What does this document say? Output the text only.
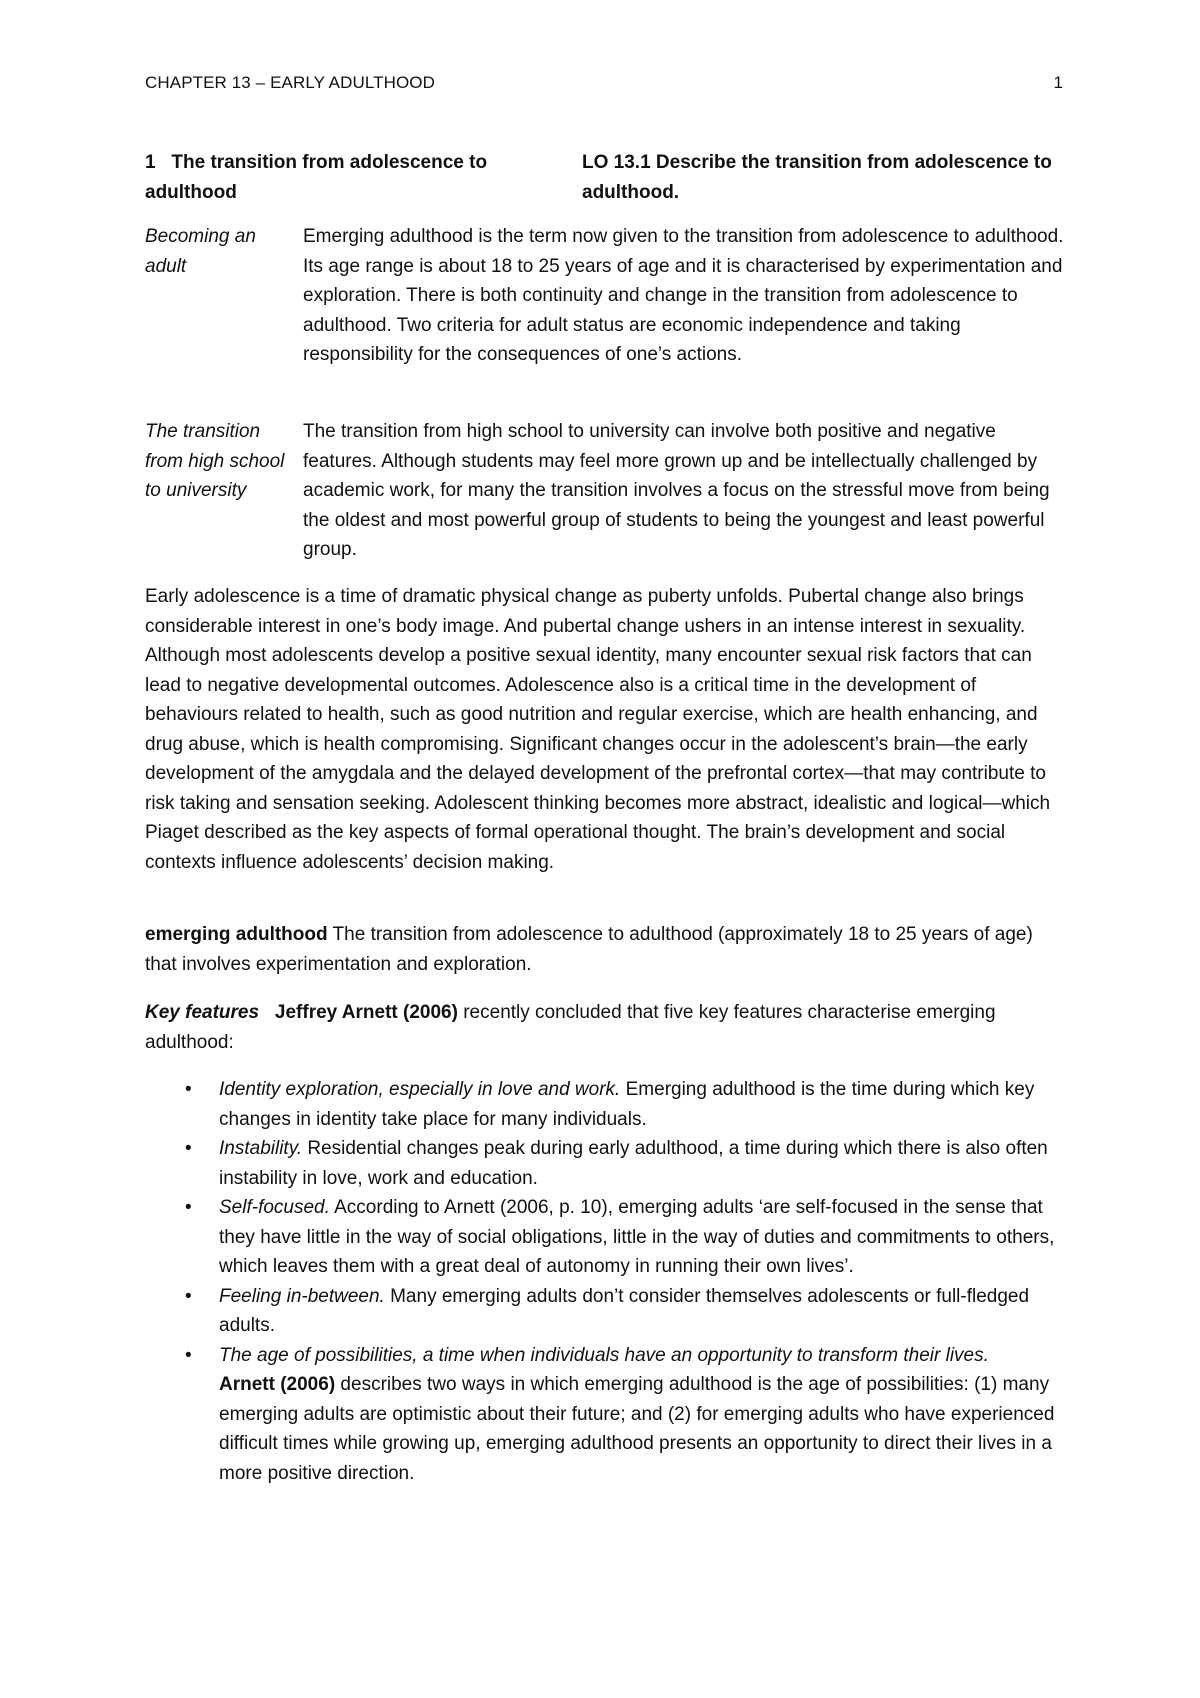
CHAPTER 13 – EARLY ADULTHOOD	1
1   The transition from adolescence to adulthood
LO 13.1 Describe the transition from adolescence to adulthood.
Becoming an adult
Emerging adulthood is the term now given to the transition from adolescence to adulthood. Its age range is about 18 to 25 years of age and it is characterised by experimentation and exploration. There is both continuity and change in the transition from adolescence to adulthood. Two criteria for adult status are economic independence and taking responsibility for the consequences of one’s actions.
The transition from high school to university
The transition from high school to university can involve both positive and negative features. Although students may feel more grown up and be intellectually challenged by academic work, for many the transition involves a focus on the stressful move from being the oldest and most powerful group of students to being the youngest and least powerful group.

Early adolescence is a time of dramatic physical change as puberty unfolds. Pubertal change also brings considerable interest in one’s body image. And pubertal change ushers in an intense interest in sexuality. Although most adolescents develop a positive sexual identity, many encounter sexual risk factors that can lead to negative developmental outcomes. Adolescence also is a critical time in the development of behaviours related to health, such as good nutrition and regular exercise, which are health enhancing, and drug abuse, which is health compromising. Significant changes occur in the adolescent’s brain—the early development of the amygdala and the delayed development of the prefrontal cortex—that may contribute to risk taking and sensation seeking. Adolescent thinking becomes more abstract, idealistic and logical—which Piaget described as the key aspects of formal operational thought. The brain’s development and social contexts influence adolescents’ decision making.

emerging adulthood The transition from adolescence to adulthood (approximately 18 to 25 years of age) that involves experimentation and exploration.

Key features Jeffrey Arnett (2006) recently concluded that five key features characterise emerging adulthood:

• Identity exploration, especially in love and work. Emerging adulthood is the time during which key changes in identity take place for many individuals.
• Instability. Residential changes peak during early adulthood, a time during which there is also often instability in love, work and education.
• Self-focused. According to Arnett (2006, p. 10), emerging adults ‘are self-focused in the sense that they have little in the way of social obligations, little in the way of duties and commitments to others, which leaves them with a great deal of autonomy in running their own lives’.
• Feeling in-between. Many emerging adults don’t consider themselves adolescents or full-fledged adults.
• The age of possibilities, a time when individuals have an opportunity to transform their lives.
Arnett (2006) describes two ways in which emerging adulthood is the age of possibilities: (1) many emerging adults are optimistic about their future; and (2) for emerging adults who have experienced difficult times while growing up, emerging adulthood presents an opportunity to direct their lives in a more positive direction.
